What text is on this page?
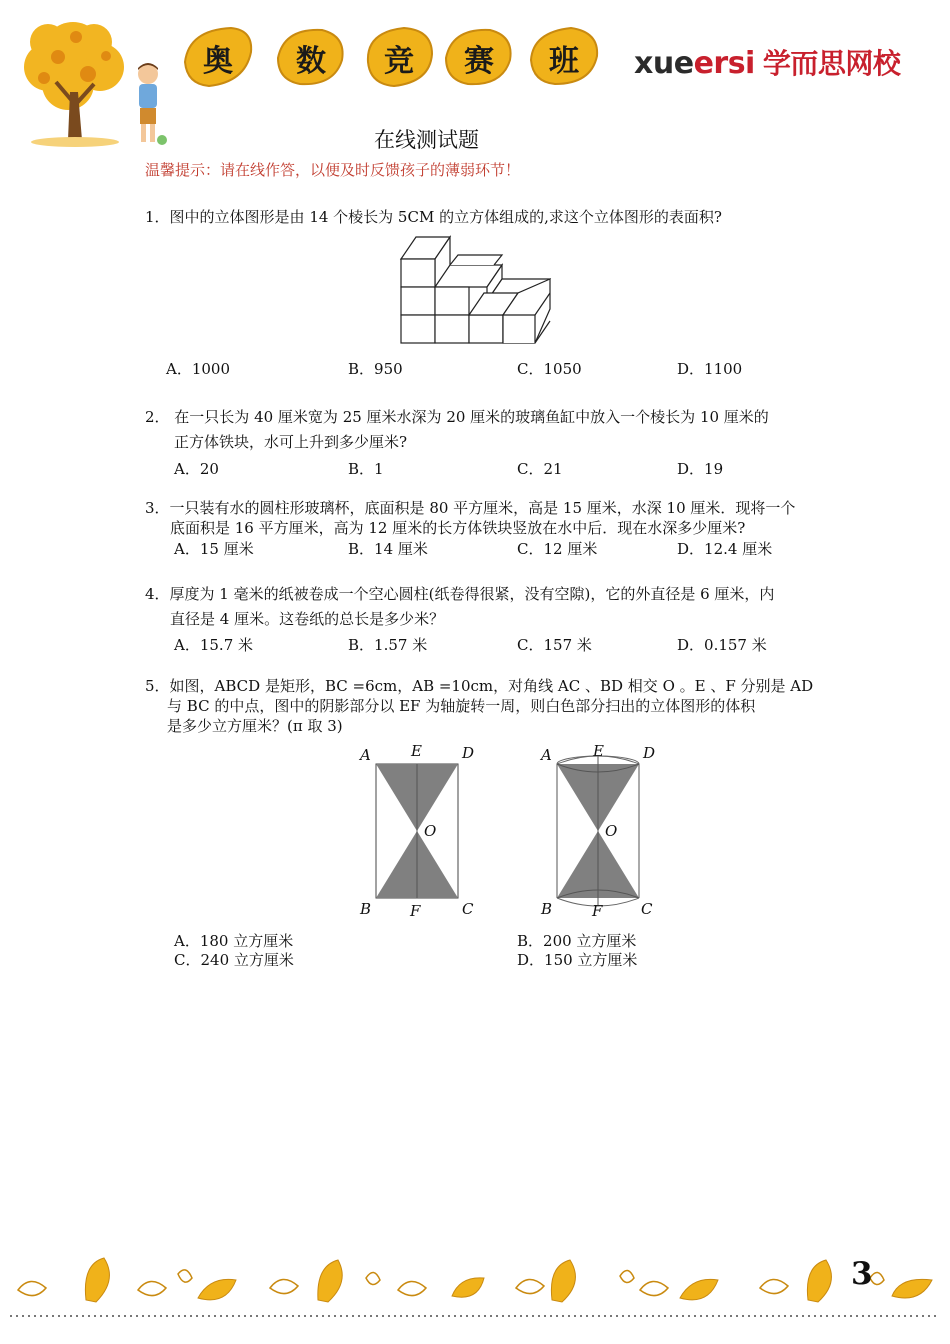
奥	数	竞	赛	班	xueersi 学而思网校
在线测试题
温馨提示：请在线作答，以便及时反馈孩子的薄弱环节！
1．图中的立体图形是由 14 个棱长为 5CM 的立方体组成的,求这个立体图形的表面积?
A．1000	B．950	C．1050	D．1100
2． 在一只长为 40 厘米宽为 25 厘米水深为 20 厘米的玻璃鱼缸中放入一个棱长为 10 厘米的
正方体铁块，水可上升到多少厘米?
A．20	B．1	C．21	D．19
3．一只装有水的圆柱形玻璃杯，底面积是 80 平方厘米，高是 15 厘米，水深 10 厘米．现将一个
底面积是 16 平方厘米，高为 12 厘米的长方体铁块竖放在水中后．现在水深多少厘米?
A．15 厘米	B．14 厘米	C．12 厘米	D．12.4 厘米
4．厚度为 1 毫米的纸被卷成一个空心圆柱(纸卷得很紧，没有空隙)，它的外直径是 6 厘米，内
直径是 4 厘米。这卷纸的总长是多少米？
A．15.7 米	B．1.57 米	C．157 米	D．0.157 米
5．如图，ABCD 是矩形，BC =6cm，AB =10cm，对角线 AC 、BD 相交 O 。E 、F 分别是 AD
与 BC 的中点，图中的阴影部分以 EF 为轴旋转一周，则白色部分扫出的立体图形的体积
是多少立方厘米？(π 取 3)
A	E	D
O
B	F	C
A	E	D
O
B	F	C
A．180 立方厘米	B．200 立方厘米
C．240 立方厘米	D．150 立方厘米
3
